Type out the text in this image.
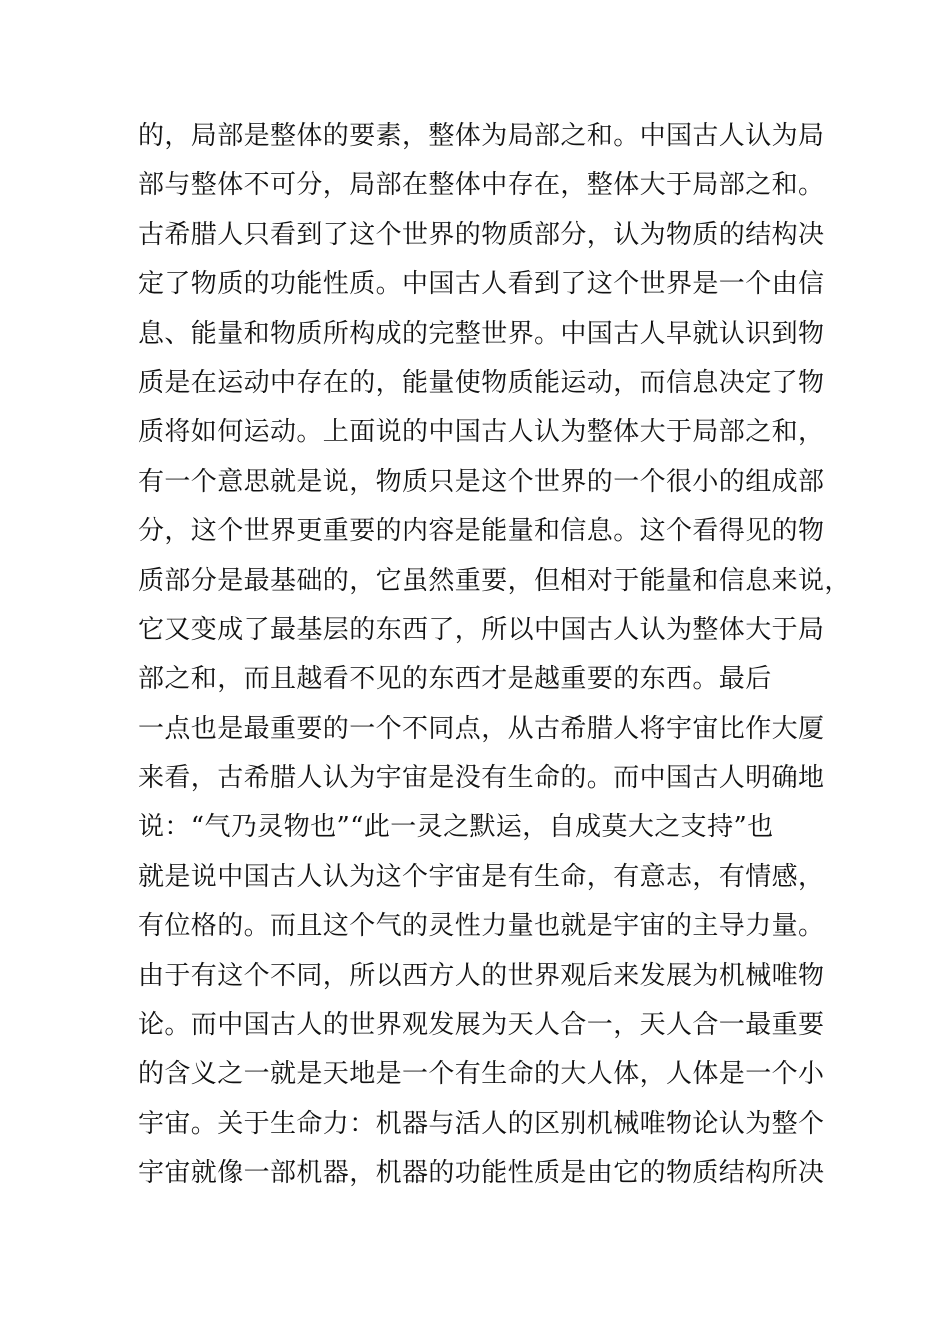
的，局部是整体的要素，整体为局部之和。中国古人认为局
部与整体不可分，局部在整体中存在，整体大于局部之和。
古希腊人只看到了这个世界的物质部分，认为物质的结构决
定了物质的功能性质。中国古人看到了这个世界是一个由信
息、能量和物质所构成的完整世界。中国古人早就认识到物
质是在运动中存在的，能量使物质能运动，而信息决定了物
质将如何运动。上面说的中国古人认为整体大于局部之和，
有一个意思就是说，物质只是这个世界的一个很小的组成部
分，这个世界更重要的内容是能量和信息。这个看得见的物
质部分是最基础的，它虽然重要，但相对于能量和信息来说，
它又变成了最基层的东西了，所以中国古人认为整体大于局
部之和，而且越看不见的东西才是越重要的东西。最后
一点也是最重要的一个不同点，从古希腊人将宇宙比作大厦
来看，古希腊人认为宇宙是没有生命的。而中国古人明确地
说：“气乃灵物也”“此一灵之默运，自成莫大之支持”也
就是说中国古人认为这个宇宙是有生命，有意志，有情感，
有位格的。而且这个气的灵性力量也就是宇宙的主导力量。
由于有这个不同，所以西方人的世界观后来发展为机械唯物
论。而中国古人的世界观发展为天人合一，天人合一最重要
的含义之一就是天地是一个有生命的大人体，人体是一个小
宇宙。关于生命力：机器与活人的区别机械唯物论认为整个
宇宙就像一部机器，机器的功能性质是由它的物质结构所决
